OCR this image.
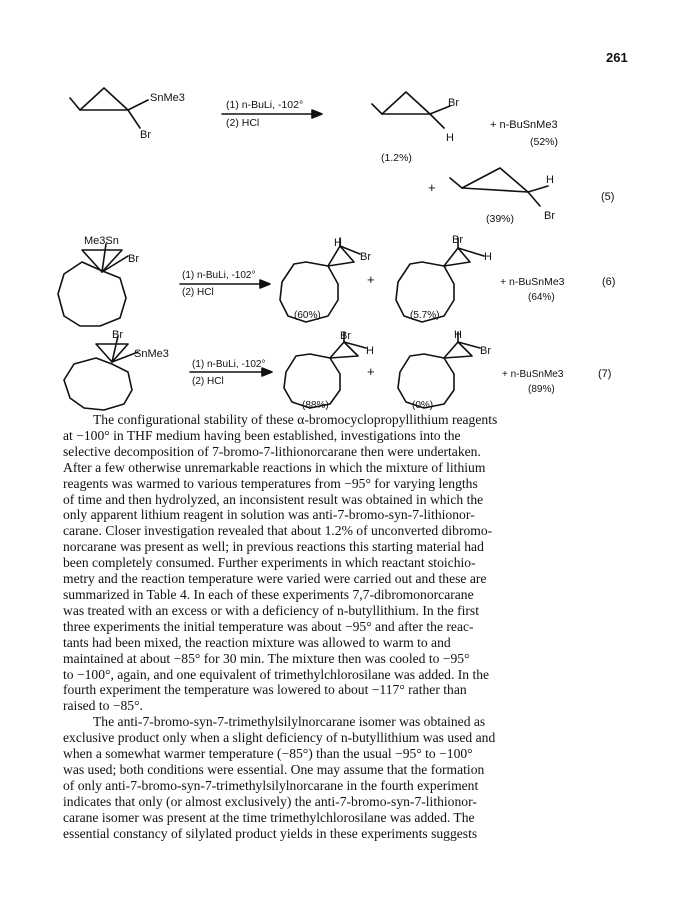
261
SnMe3
Br
(1) n-BuLi, -102°
(2) HCl
Br
H
(1.2%)
+ n-BuSnMe3
(52%)
+	H
Br
(39%)
(5)
Me3Sn
Br
(1) n-BuLi, -102°
(2) HCl
H
Br
(60%)
+
Br
H
(5.7%)
+ n-BuSnMe3
(64%)
(6)
Br
SnMe3
(1) n-BuLi, -102°
(2) HCl
Br
H
(88%)
+
H
Br
(0%)
+ n-BuSnMe3
(89%)
(7)

The configurational stability of these α-bromocyclopropyllithium reagents
at −100° in THF medium having been established, investigations into the
selective decomposition of 7-bromo-7-lithionorcarane then were undertaken.
After a few otherwise unremarkable reactions in which the mixture of lithium
reagents was warmed to various temperatures from −95° for varying lengths
of time and then hydrolyzed, an inconsistent result was obtained in which the
only apparent lithium reagent in solution was anti-7-bromo-syn-7-lithionor-
carane. Closer investigation revealed that about 1.2% of unconverted dibromo-
norcarane was present as well; in previous reactions this starting material had
been completely consumed. Further experiments in which reactant stoichio-
metry and the reaction temperature were varied were carried out and these are
summarized in Table 4. In each of these experiments 7,7-dibromonorcarane
was treated with an excess or with a deficiency of n-butyllithium. In the first
three experiments the initial temperature was about −95° and after the reac-
tants had been mixed, the reaction mixture was allowed to warm to and
maintained at about −85° for 30 min. The mixture then was cooled to −95°
to −100°, again, and one equivalent of trimethylchlorosilane was added. In the
fourth experiment the temperature was lowered to about −117° rather than
raised to −85°.

The anti-7-bromo-syn-7-trimethylsilylnorcarane isomer was obtained as
exclusive product only when a slight deficiency of n-butyllithium was used and
when a somewhat warmer temperature (−85°) than the usual −95° to −100°
was used; both conditions were essential. One may assume that the formation
of only anti-7-bromo-syn-7-trimethylsilylnorcarane in the fourth experiment
indicates that only (or almost exclusively) the anti-7-bromo-syn-7-lithionor-
carane isomer was present at the time trimethylchlorosilane was added. The
essential constancy of silylated product yields in these experiments suggests
